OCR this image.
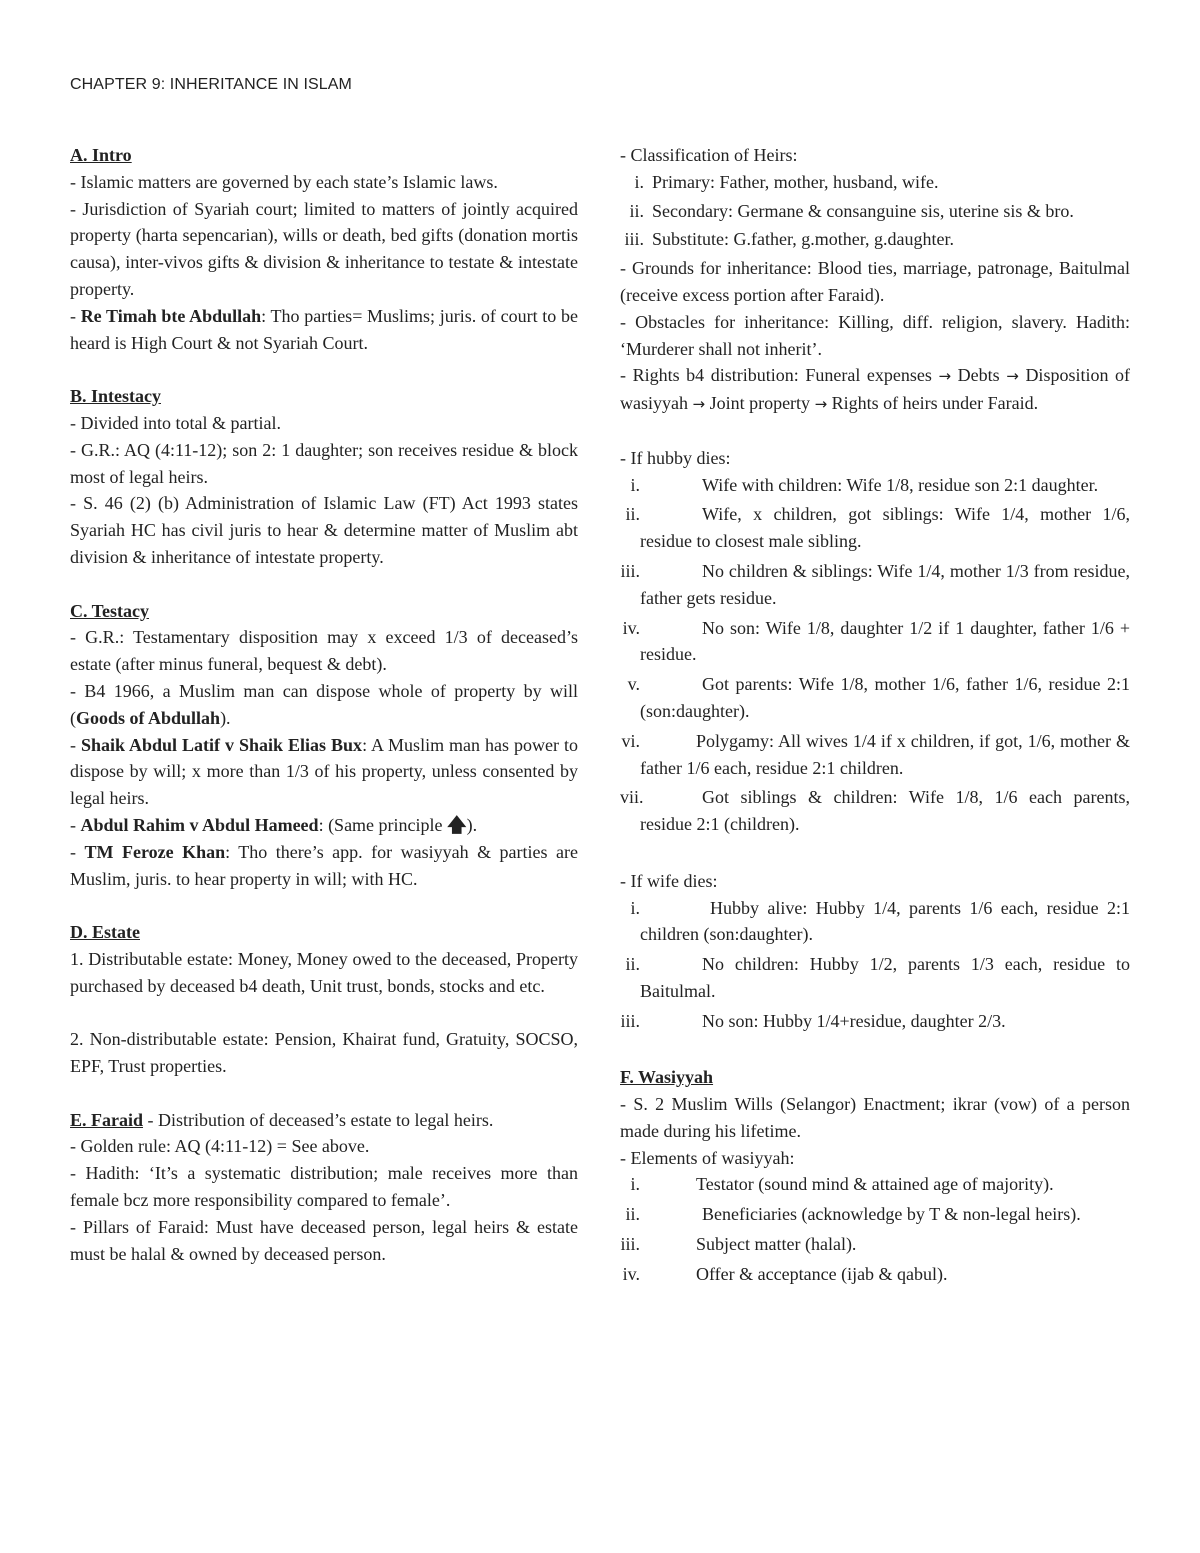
CHAPTER 9: INHERITANCE IN ISLAM
A. Intro
- Islamic matters are governed by each state’s Islamic laws.
- Jurisdiction of Syariah court; limited to matters of jointly acquired property (harta sepencarian), wills or death, bed gifts (donation mortis causa), inter-vivos gifts & division & inheritance to testate & intestate property.
- Re Timah bte Abdullah: Tho parties= Muslims; juris. of court to be heard is High Court & not Syariah Court.
B. Intestacy
- Divided into total & partial.
- G.R.: AQ (4:11-12); son 2: 1 daughter; son receives residue & block most of legal heirs.
- S. 46 (2) (b) Administration of Islamic Law (FT) Act 1993 states Syariah HC has civil juris to hear & determine matter of Muslim abt division & inheritance of intestate property.
C. Testacy
- G.R.: Testamentary disposition may x exceed 1/3 of deceased’s estate (after minus funeral, bequest & debt).
- B4 1966, a Muslim man can dispose whole of property by will (Goods of Abdullah).
- Shaik Abdul Latif v Shaik Elias Bux: A Muslim man has power to dispose by will; x more than 1/3 of his property, unless consented by legal heirs.
- Abdul Rahim v Abdul Hameed: (Same principle 🡅).
- TM Feroze Khan: Tho there’s app. for wasiyyah & parties are Muslim, juris. to hear property in will; with HC.
D. Estate
1. Distributable estate: Money, Money owed to the deceased, Property purchased by deceased b4 death, Unit trust, bonds, stocks and etc.
2. Non-distributable estate: Pension, Khairat fund, Gratuity, SOCSO, EPF, Trust properties.
E. Faraid - Distribution of deceased’s estate to legal heirs.
- Golden rule: AQ (4:11-12) = See above.
- Hadith: ‘It’s a systematic distribution; male receives more than female bcz more responsibility compared to female’.
- Pillars of Faraid: Must have deceased person, legal heirs & estate must be halal & owned by deceased person.
- Classification of Heirs:
i. Primary: Father, mother, husband, wife.
ii. Secondary: Germane & consanguine sis, uterine sis & bro.
iii. Substitute: G.father, g.mother, g.daughter.
- Grounds for inheritance: Blood ties, marriage, patronage, Baitulmal (receive excess portion after Faraid).
- Obstacles for inheritance: Killing, diff. religion, slavery. Hadith: ‘Murderer shall not inherit’.
- Rights b4 distribution: Funeral expenses → Debts → Disposition of wasiyyah → Joint property → Rights of heirs under Faraid.
- If hubby dies:
i.	Wife with children: Wife 1/8, residue son 2:1 daughter.
ii.	Wife, x children, got siblings: Wife 1/4, mother 1/6, residue to closest male sibling.
iii.	No children & siblings: Wife 1/4, mother 1/3 from residue, father gets residue.
iv.	No son: Wife 1/8, daughter 1/2 if 1 daughter, father 1/6 + residue.
v.	Got parents: Wife 1/8, mother 1/6, father 1/6, residue 2:1 (son:daughter).
vi.	Polygamy: All wives 1/4 if x children, if got, 1/6, mother & father 1/6 each, residue 2:1 children.
vii.	Got siblings & children: Wife 1/8, 1/6 each parents, residue 2:1 (children).
- If wife dies:
i.	Hubby alive: Hubby 1/4, parents 1/6 each, residue 2:1 children (son:daughter).
ii.	No children: Hubby 1/2, parents 1/3 each, residue to Baitulmal.
iii.	No son: Hubby 1/4+residue, daughter 2/3.
F. Wasiyyah
- S. 2 Muslim Wills (Selangor) Enactment; ikrar (vow) of a person made during his lifetime.
- Elements of wasiyyah:
i.	Testator (sound mind & attained age of majority).
ii.	Beneficiaries (acknowledge by T & non-legal heirs).
iii.	Subject matter (halal).
iv.	Offer & acceptance (ijab & qabul).
